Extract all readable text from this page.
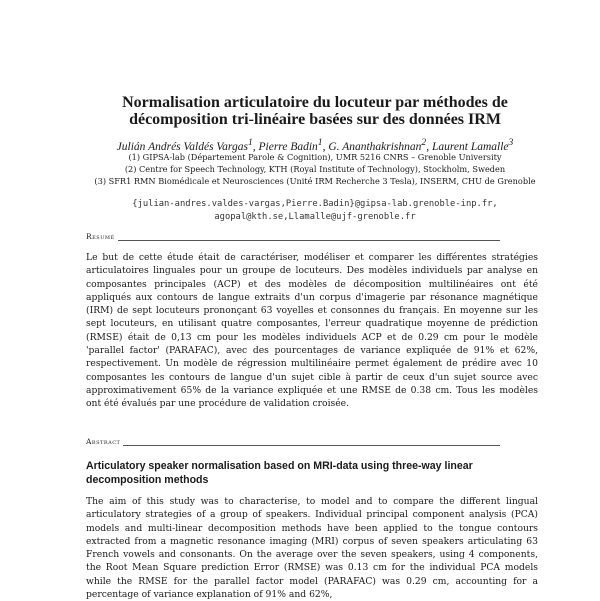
Normalisation articulatoire du locuteur par méthodes de décomposition tri-linéaire basées sur des données IRM
Julián Andrés Valdés Vargas$^1$, Pierre Badin$^1$, G. Ananthakrishnan$^2$, Laurent Lamalle$^3$
(1) GIPSA-lab (Département Parole & Cognition), UMR 5216 CNRS – Grenoble University
(2) Centre for Speech Technology, KTH (Royal Institute of Technology), Stockholm, Sweden
(3) SFR1 RMN Biomédicale et Neurosciences (Unité IRM Recherche 3 Tesla), INSERM, CHU de Grenoble
{julian-andres.valdes-vargas,Pierre.Badin}@gipsa-lab.grenoble-inp.fr, agopal@kth.se,Llamalle@ujf-grenoble.fr
Résumé
Le but de cette étude était de caractériser, modéliser et comparer les différentes stratégies articulatoires linguales pour un groupe de locuteurs. Des modèles individuels par analyse en composantes principales (ACP) et des modèles de décomposition multilinéaires ont été appliqués aux contours de langue extraits d'un corpus d'imagerie par résonance magnétique (IRM) de sept locuteurs prononçant 63 voyelles et consonnes du français. En moyenne sur les sept locuteurs, en utilisant quatre composantes, l'erreur quadratique moyenne de prédiction (RMSE) était de 0,13 cm pour les modèles individuels ACP et de 0.29 cm pour le modèle 'parallel factor' (PARAFAC), avec des pourcentages de variance expliquée de 91% et 62%, respectivement. Un modèle de régression multilinéaire permet également de prédire avec 10 composantes les contours de langue d'un sujet cible à partir de ceux d'un sujet source avec approximativement 65% de la variance expliquée et une RMSE de 0.38 cm. Tous les modèles ont été évalués par une procédure de validation croisée.
Abstract
Articulatory speaker normalisation based on MRI-data using three-way linear decomposition methods
The aim of this study was to characterise, to model and to compare the different lingual articulatory strategies of a group of speakers. Individual principal component analysis (PCA) models and multi-linear decomposition methods have been applied to the tongue contours extracted from a magnetic resonance imaging (MRI) corpus of seven speakers articulating 63 French vowels and consonants. On the average over the seven speakers, using 4 components, the Root Mean Square prediction Error (RMSE) was 0.13 cm for the individual PCA models while the RMSE for the parallel factor model (PARAFAC) was 0.29 cm, accounting for a percentage of variance explanation of 91% and 62%,
